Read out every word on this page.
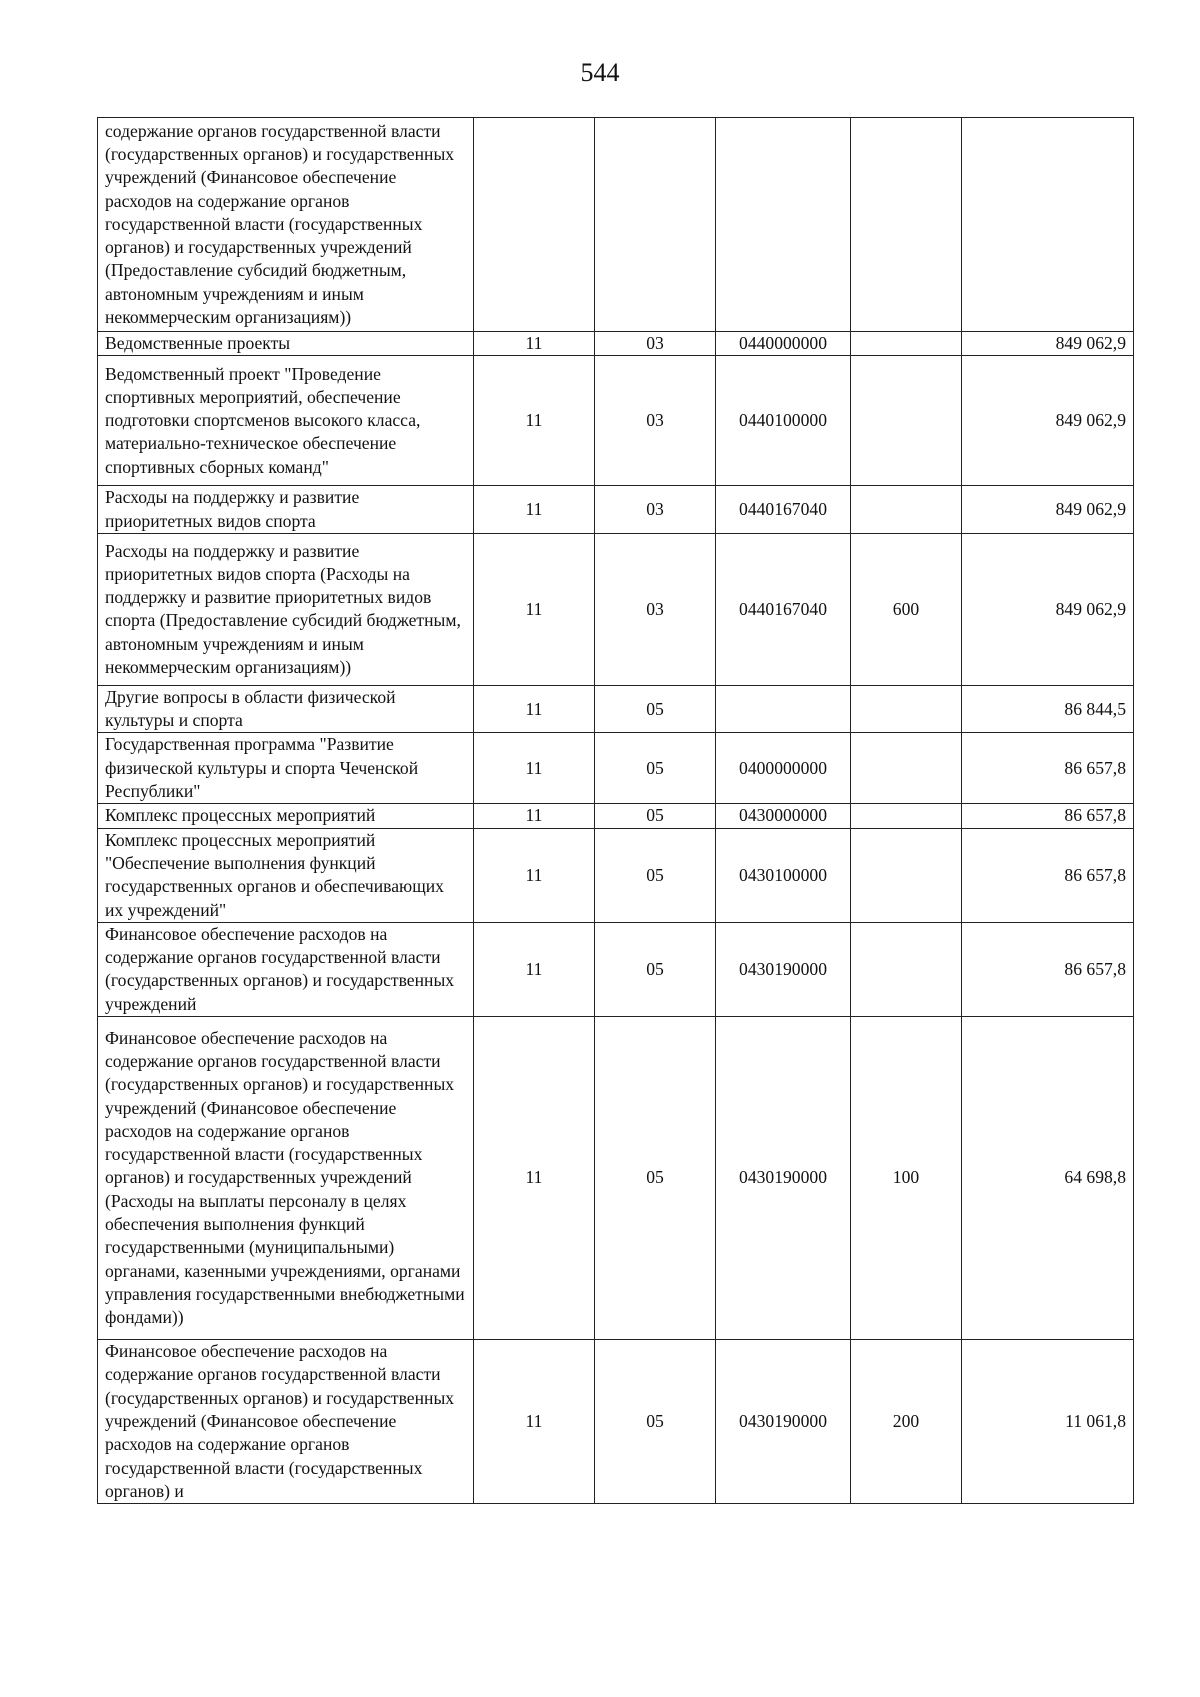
544
содержание органов государственной власти (государственных органов) и государственных учреждений (Финансовое обеспечение расходов на содержание органов государственной власти (государственных органов) и государственных учреждений (Предоставление субсидий бюджетным, автономным учреждениям и иным некоммерческим организациям))					
Ведомственные проекты	11	03	0440000000		849 062,9
Ведомственный проект "Проведение спортивных мероприятий, обеспечение подготовки спортсменов высокого класса, материально-техническое обеспечение спортивных сборных команд"	11	03	0440100000		849 062,9
Расходы на поддержку и развитие приоритетных видов спорта	11	03	0440167040		849 062,9
Расходы на поддержку и развитие приоритетных видов спорта (Расходы на поддержку и развитие приоритетных видов спорта (Предоставление субсидий бюджетным, автономным учреждениям и иным некоммерческим организациям))	11	03	0440167040	600	849 062,9
Другие вопросы в области физической культуры и спорта	11	05			86 844,5
Государственная программа "Развитие физической культуры и спорта Чеченской Республики"	11	05	0400000000		86 657,8
Комплекс процессных мероприятий	11	05	0430000000		86 657,8
Комплекс процессных мероприятий "Обеспечение выполнения функций государственных органов и обеспечивающих их учреждений"	11	05	0430100000		86 657,8
Финансовое обеспечение расходов на содержание органов государственной власти (государственных органов) и государственных учреждений	11	05	0430190000		86 657,8
Финансовое обеспечение расходов на содержание органов государственной власти (государственных органов) и государственных учреждений (Финансовое обеспечение расходов на содержание органов государственной власти (государственных органов) и государственных учреждений (Расходы на выплаты персоналу в целях обеспечения выполнения функций государственными (муниципальными) органами, казенными учреждениями, органами управления государственными внебюджетными фондами))	11	05	0430190000	100	64 698,8
Финансовое обеспечение расходов на содержание органов государственной власти (государственных органов) и государственных учреждений (Финансовое обеспечение расходов на содержание органов государственной власти (государственных органов) и	11	05	0430190000	200	11 061,8
